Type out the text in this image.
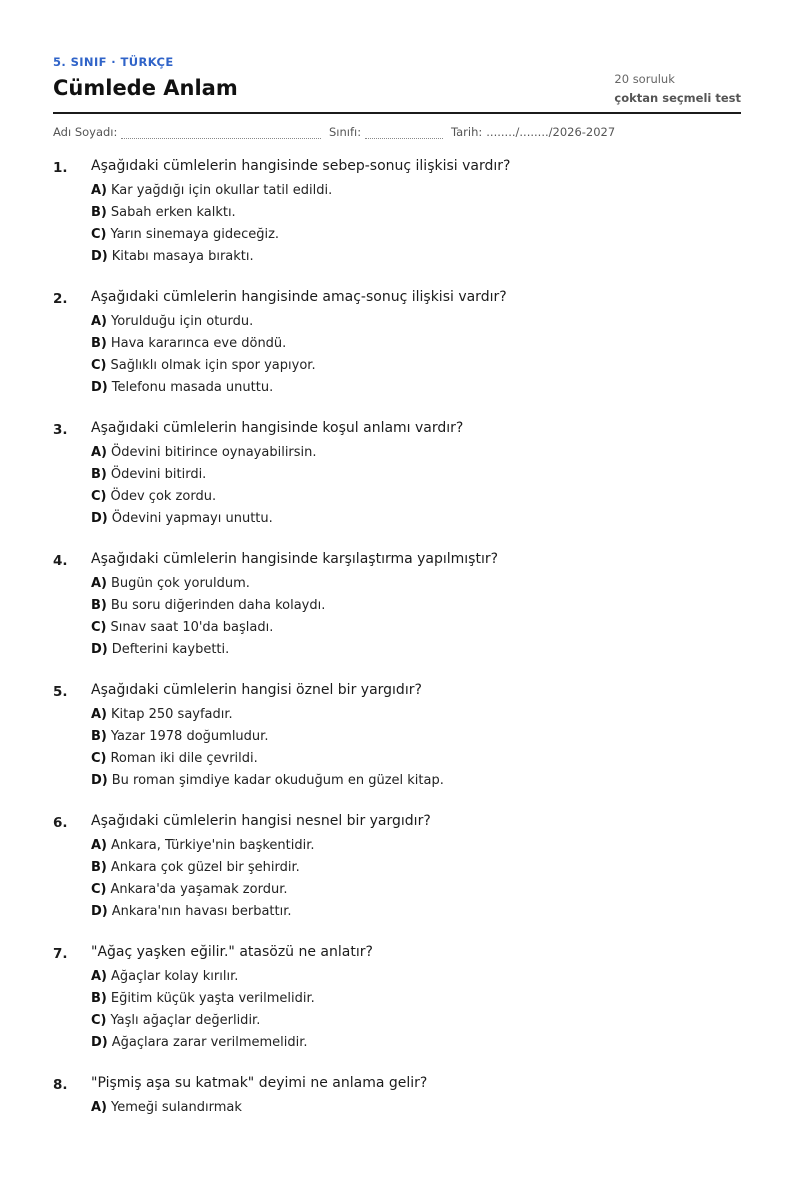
5. SINIF · TÜRKÇE
Cümlede Anlam	20 soruluk
çoktan seçmeli test
Adı Soyadı:	Sınıfı:	Tarih: ......../......../2026-2027
1. Aşağıdaki cümlelerin hangisinde sebep-sonuç ilişkisi vardır?
A) Kar yağdığı için okullar tatil edildi.
B) Sabah erken kalktı.
C) Yarın sinemaya gideceğiz.
D) Kitabı masaya bıraktı.
2. Aşağıdaki cümlelerin hangisinde amaç-sonuç ilişkisi vardır?
A) Yorulduğu için oturdu.
B) Hava kararınca eve döndü.
C) Sağlıklı olmak için spor yapıyor.
D) Telefonu masada unuttu.
3. Aşağıdaki cümlelerin hangisinde koşul anlamı vardır?
A) Ödevini bitirince oynayabilirsin.
B) Ödevini bitirdi.
C) Ödev çok zordu.
D) Ödevini yapmayı unuttu.
4. Aşağıdaki cümlelerin hangisinde karşılaştırma yapılmıştır?
A) Bugün çok yoruldum.
B) Bu soru diğerinden daha kolaydı.
C) Sınav saat 10'da başladı.
D) Defterini kaybetti.
5. Aşağıdaki cümlelerin hangisi öznel bir yargıdır?
A) Kitap 250 sayfadır.
B) Yazar 1978 doğumludur.
C) Roman iki dile çevrildi.
D) Bu roman şimdiye kadar okuduğum en güzel kitap.
6. Aşağıdaki cümlelerin hangisi nesnel bir yargıdır?
A) Ankara, Türkiye'nin başkentidir.
B) Ankara çok güzel bir şehirdir.
C) Ankara'da yaşamak zordur.
D) Ankara'nın havası berbattır.
7. "Ağaç yaşken eğilir." atasözü ne anlatır?
A) Ağaçlar kolay kırılır.
B) Eğitim küçük yaşta verilmelidir.
C) Yaşlı ağaçlar değerlidir.
D) Ağaçlara zarar verilmemelidir.
8. "Pişmiş aşa su katmak" deyimi ne anlama gelir?
A) Yemeği sulandırmak
